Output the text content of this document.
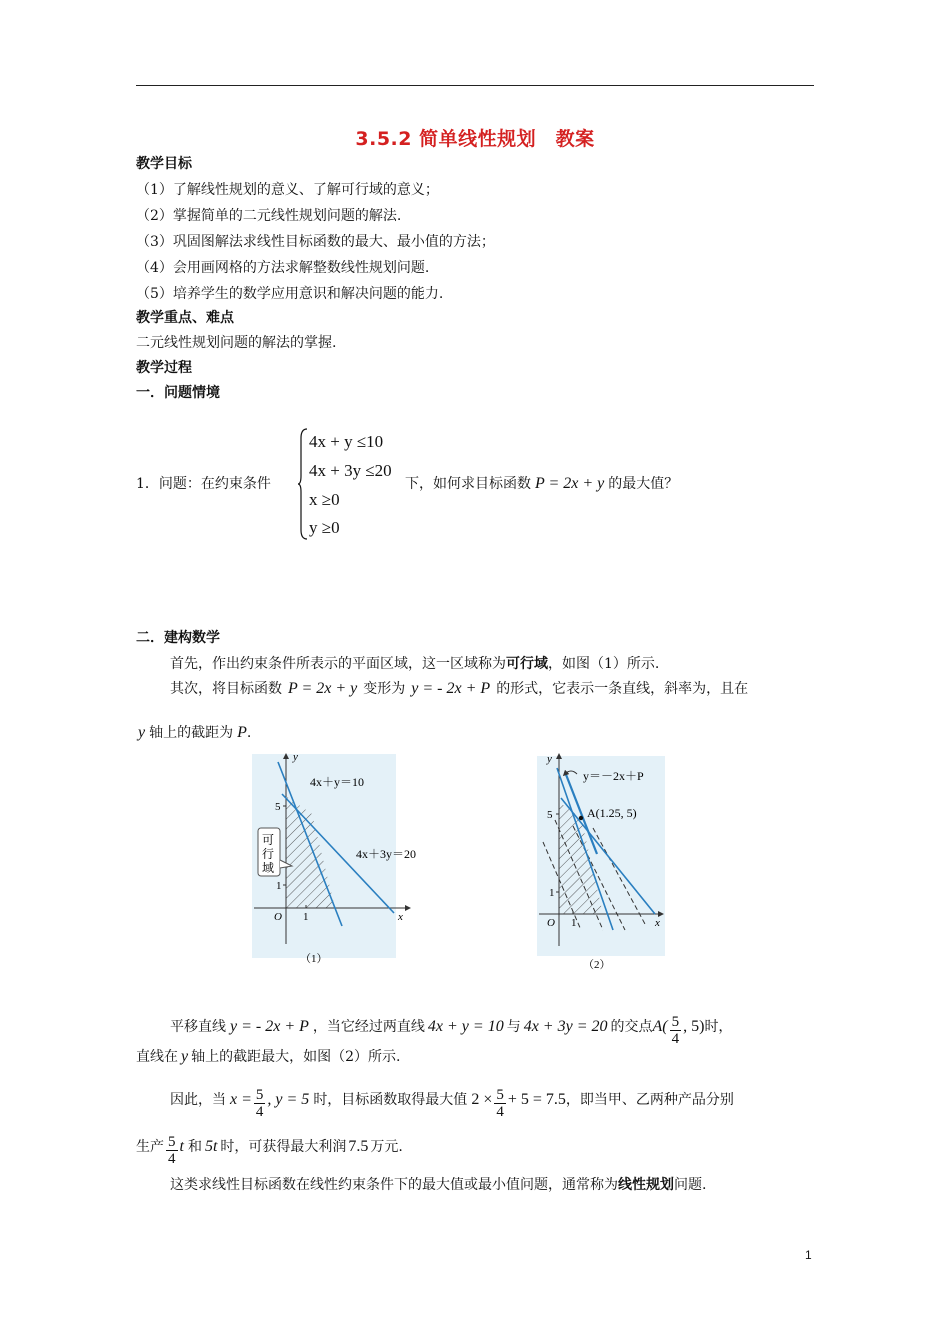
3.5.2 简单线性规划　教案
教学目标
（1）了解线性规划的意义、了解可行域的意义；
（2）掌握简单的二元线性规划问题的解法.
（3）巩固图解法求线性目标函数的最大、最小值的方法；
（4）会用画网格的方法求解整数线性规划问题.
（5）培养学生的数学应用意识和解决问题的能力.
教学重点、难点
二元线性规划问题的解法的掌握.
教学过程
一．问题情境
1．问题：在约束条件
4x + y ≤10
4x + 3y ≤20
x ≥0
y ≥0
下，如何求目标函数 P = 2x + y 的最大值？
二．建构数学
首先，作出约束条件所表示的平面区域，这一区域称为可行域，如图（1）所示.
其次，将目标函数 P = 2x + y 变形为 y = - 2x + P 的形式，它表示一条直线，斜率为，且在
y 轴上的截距为 P.
y
x
O
5
1
1
4x＋y＝10
4x＋3y＝20
可
行
域
（1）
y
x
O
5
1
1
y＝－2x＋P
A(1.25, 5)
（2）
平移直线 y = - 2x + P ，当它经过两直线 4x + y = 10 与 4x + 3y = 20 的交点$A( \frac{5}{4}$ , 5)时，
直线在 y 轴上的截距最大，如图（2）所示.
因此，当 $x = \frac{5}{4}$ , y = 5 时，目标函数取得最大值 $2 \times \frac{5}{4} + 5 = 7.5$，即当甲、乙两种产品分别
生产 $\frac{5}{4}$ t 和 5t 时，可获得最大利润 7.5 万元.
这类求线性目标函数在线性约束条件下的最大值或最小值问题，通常称为线性规划问题.
1
